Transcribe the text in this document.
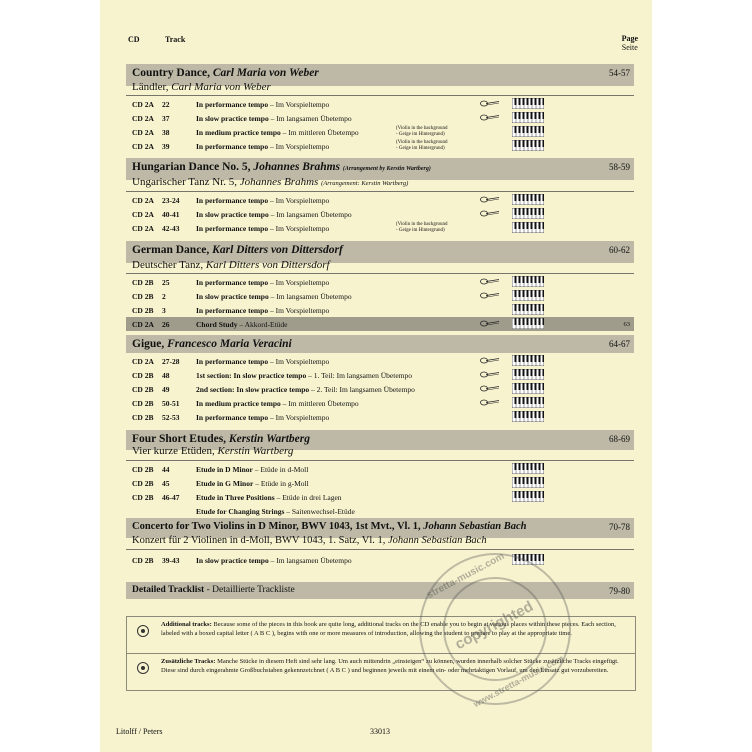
CD	Track	Page
Seite
Country Dance, Carl Maria von Weber	54-57
Ländler, Carl Maria von Weber
CD 2A 22	In performance tempo – Im Vorspieltempo
CD 2A 37	In slow practice tempo – Im langsamen Übetempo
CD 2A 38	In medium practice tempo – Im mittleren Übetempo	(Violin in the background
- Geige im Hintergrund)
CD 2A 39	In performance tempo – Im Vorspieltempo	(Violin in the background
- Geige im Hintergrund)
Hungarian Dance No. 5, Johannes Brahms (Arrangement by Kerstin Wartberg)	58-59
Ungarischer Tanz Nr. 5, Johannes Brahms (Arrangement: Kerstin Wartberg)
CD 2A 23-24 In performance tempo – Im Vorspieltempo
CD 2A 40-41 In slow practice tempo – Im langsamen Übetempo
CD 2A 42-43 In performance tempo – Im Vorspieltempo	(Violin in the background
- Geige im Hintergrund)
German Dance, Karl Ditters von Dittersdorf	60-62
Deutscher Tanz, Karl Ditters von Dittersdorf
CD 2B 25	In performance tempo – Im Vorspieltempo
CD 2B 2	In slow practice tempo – Im langsamen Übetempo
CD 2B 3	In performance tempo – Im Vorspieltempo
CD 2A 26	Chord Study – Akkord-Etüde	63
Gigue, Francesco Maria Veracini	64-67
CD 2A 27-28 In performance tempo – Im Vorspieltempo
CD 2B 48	1st section: In slow practice tempo – 1. Teil: Im langsamen Übetempo
CD 2B 49	2nd section: In slow practice tempo – 2. Teil: Im langsamen Übetempo
CD 2B 50-51 In medium practice tempo – Im mittleren Übetempo
CD 2B 52-53 In performance tempo – Im Vorspieltempo
Four Short Etudes, Kerstin Wartberg	68-69
Vier kurze Etüden, Kerstin Wartberg
CD 2B 44	Etude in D Minor – Etüde in d-Moll
CD 2B 45	Etude in G Minor – Etüde in g-Moll
CD 2B 46-47 Etude in Three Positions – Etüde in drei Lagen
Etude for Changing Strings – Saitenwechsel-Etüde
Concerto for Two Violins in D Minor, BWV 1043, 1st Mvt., Vl. 1, Johann Sebastian Bach	70-78
Konzert für 2 Violinen in d-Moll, BWV 1043, 1. Satz, Vl. 1, Johann Sebastian Bach
CD 2B 39-43 In slow practice tempo – Im langsamen Übetempo
Detailed Tracklist - Detaillierte Trackliste	79-80
Additional tracks: Because some of the pieces in this book are quite long, additional tracks on the CD enable you to begin at various places within these pieces. Each section, labeled with a boxed capital letter ( A B C ), begins with one or more measures of introduction, allowing the student to prepare to play at the appropriate time.
Zusätzliche Tracks: Manche Stücke in diesem Heft sind sehr lang. Um auch mittendrin „einsteigen“ zu können, wurden innerhalb solcher Stücke zusätzliche Tracks eingefügt. Diese sind durch eingerahmte Großbuchstaben gekennzeichnet ( A B C ) und beginnen jeweils mit einem ein- oder mehrtaktigen Vorlauf, um den Einsatz gut vorzubereiten.
Litolff / Peters	33013
stretta-music.com
copyrighted
www.stretta-music.com
